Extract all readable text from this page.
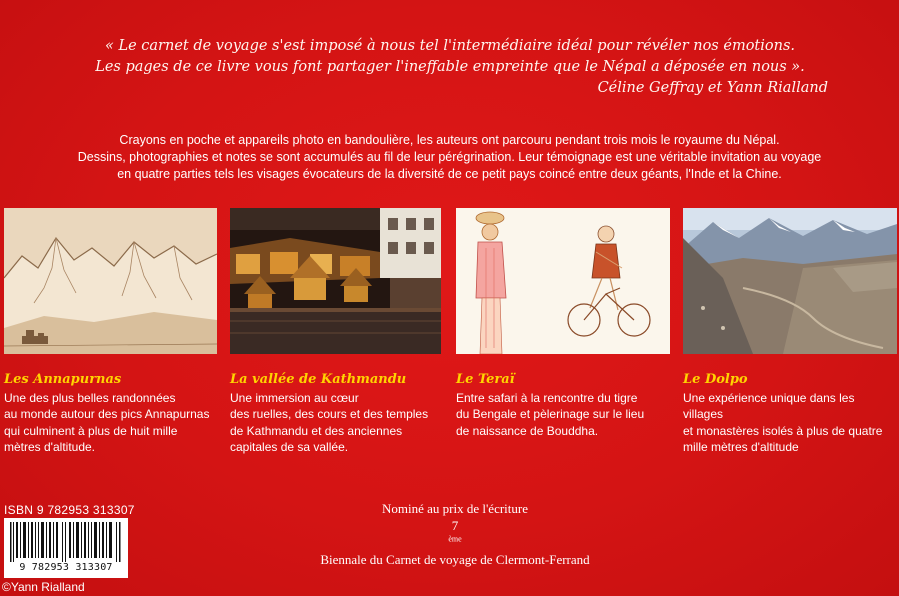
« Le carnet de voyage s'est imposé à nous tel l'intermédiaire idéal pour révéler nos émotions.
Les pages de ce livre vous font partager l'ineffable empreinte que le Népal a déposée en nous ».
Céline Geffray et Yann Rialland
Crayons en poche et appareils photo en bandoulière, les auteurs ont parcouru pendant trois mois le royaume du Népal.
Dessins, photographies et notes se sont accumulés au fil de leur pérégrination. Leur témoignage est une véritable invitation au voyage
en quatre parties tels les visages évocateurs de la diversité de ce petit pays coincé entre deux géants, l'Inde et la Chine.
Les Annapurnas
Une des plus belles randonnées
au monde autour des pics Annapurnas
qui culminent à plus de huit mille
mètres d'altitude.
La vallée de Kathmandu
Une immersion au cœur
des ruelles, des cours et des temples
de Kathmandu et des anciennes
capitales de sa vallée.
Le Teraï
Entre safari à la rencontre du tigre
du Bengale et pèlerinage sur le lieu
de naissance de Bouddha.
Le Dolpo
Une expérience unique dans les villages
et monastères isolés à plus de quatre
mille mètres d'altitude
ISBN 9 782953 313307
9 782953 313307
Nominé au prix de l'écriture
7
$^{ème}$
Biennale du Carnet de voyage de Clermont-Ferrand
©Yann Rialland
